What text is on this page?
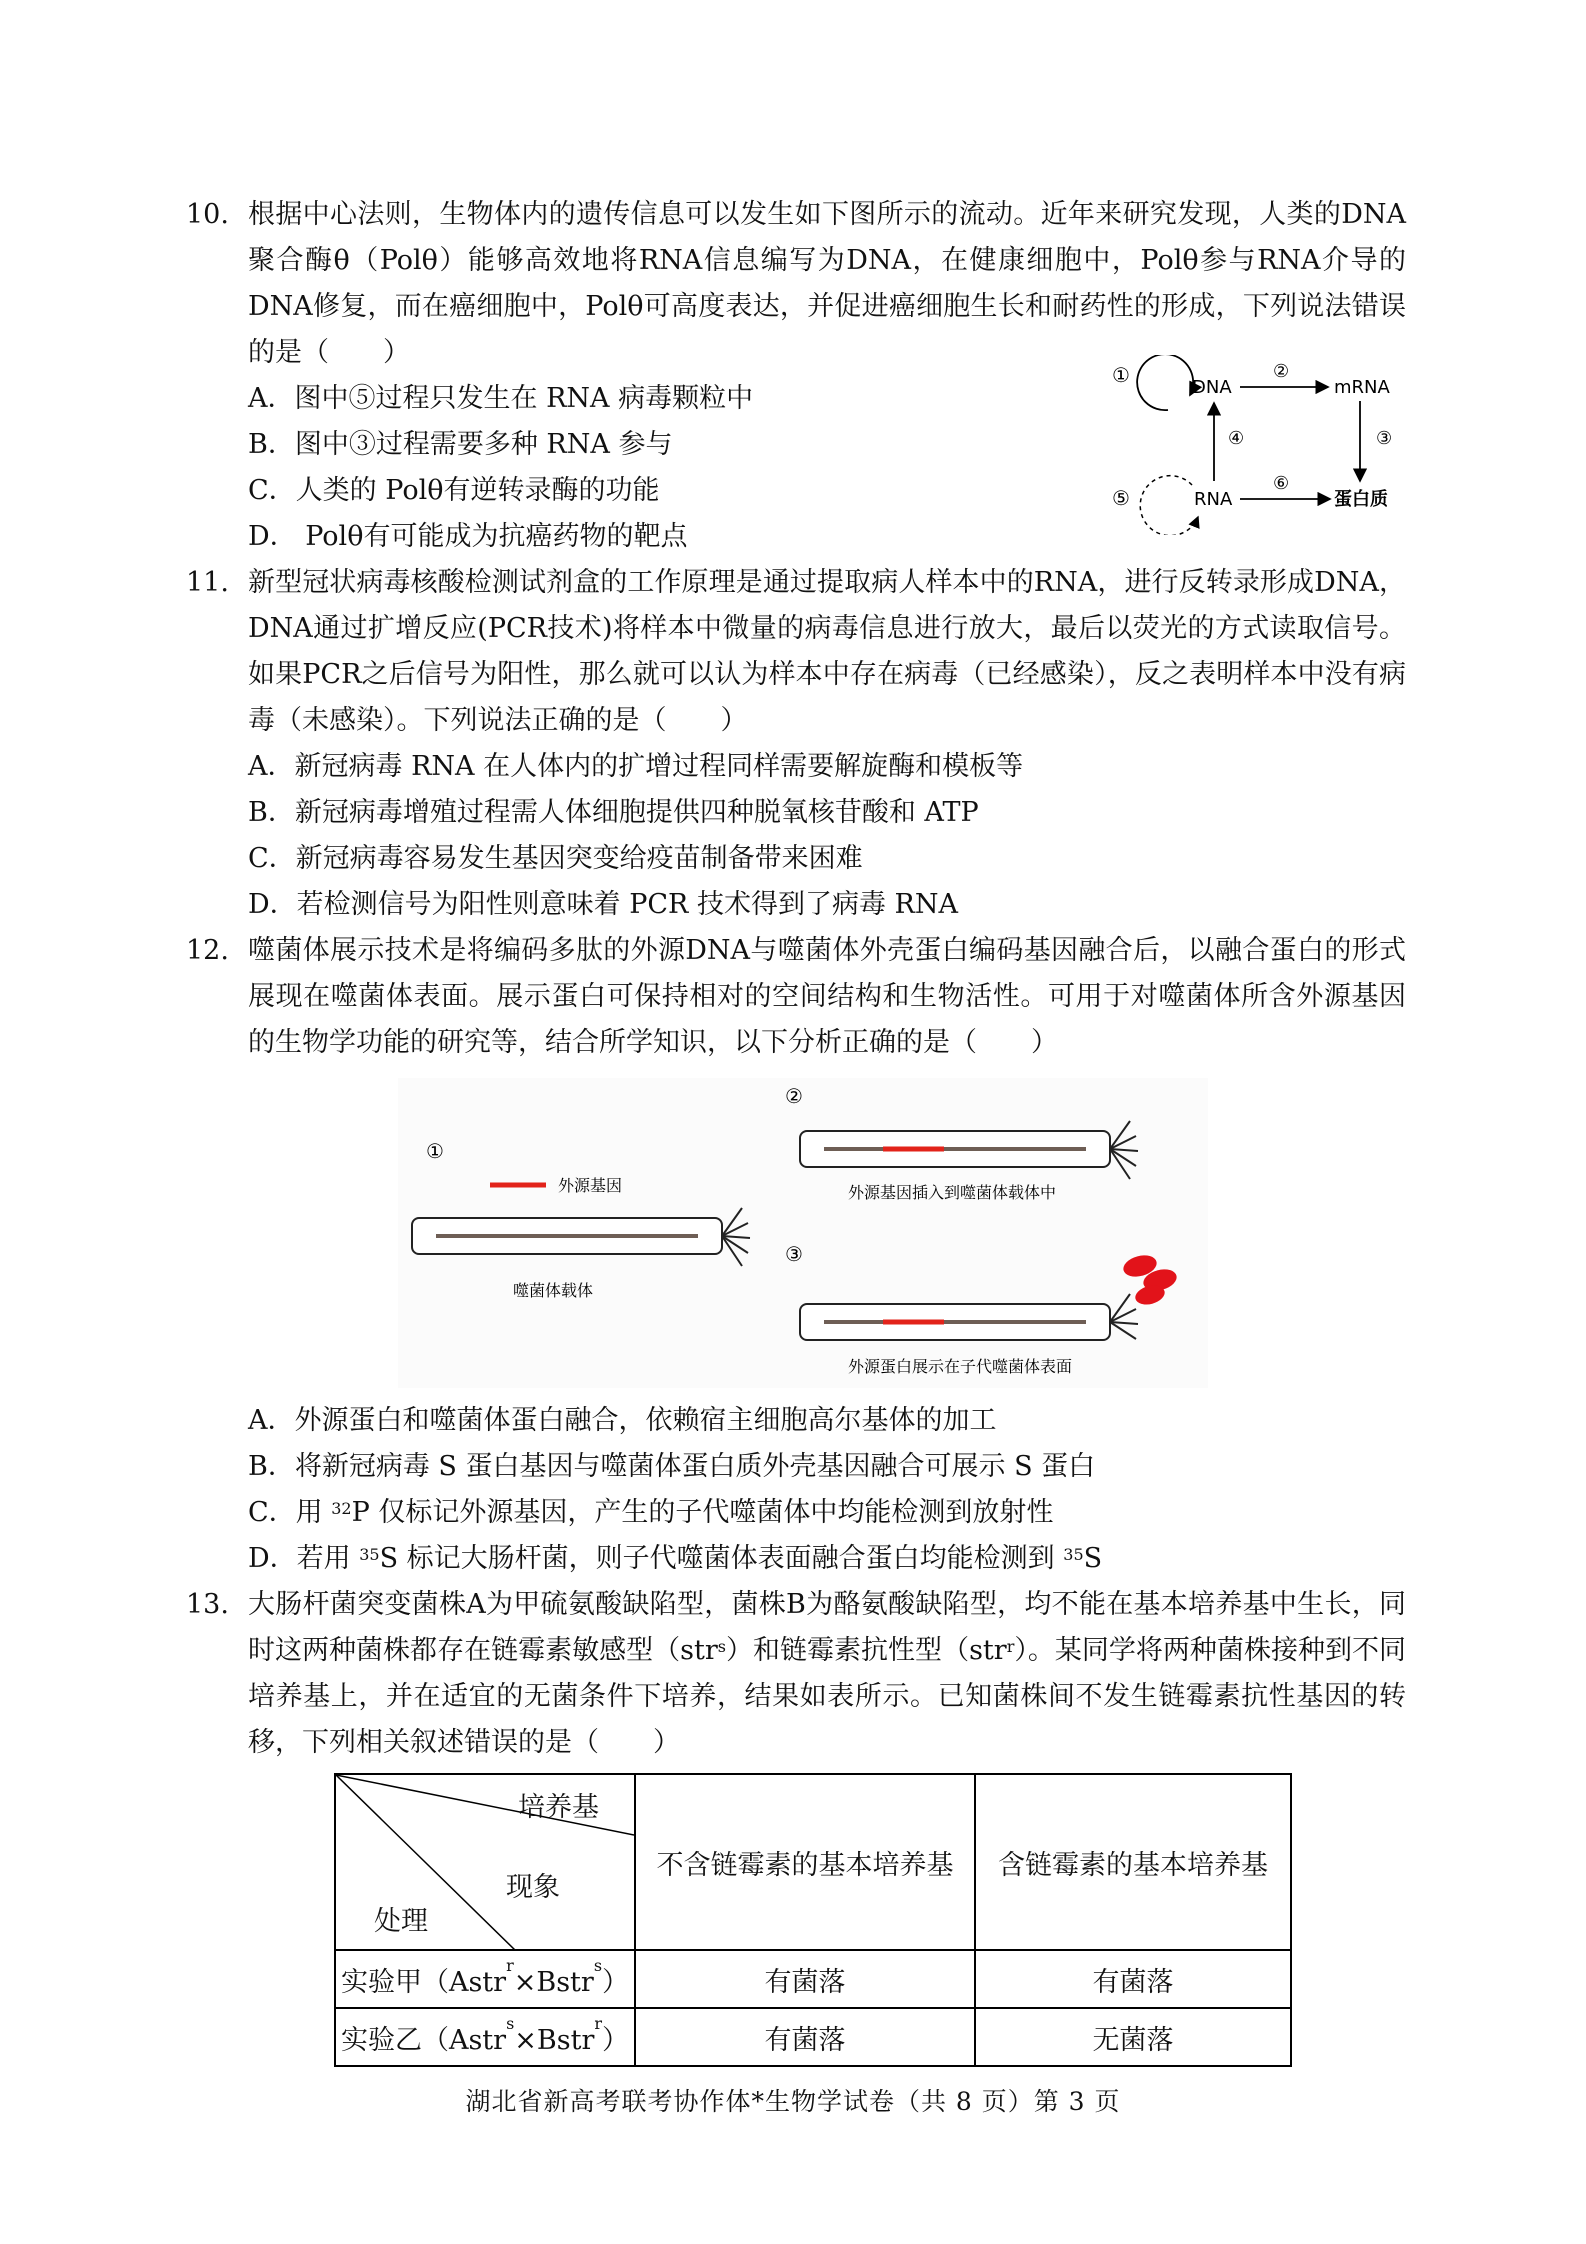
10. 根据中心法则，生物体内的遗传信息可以发生如下图所示的流动。近年来研究发现，人类的DNA聚合酶θ（Polθ）能够高效地将RNA信息编写为DNA，在健康细胞中，Polθ参与RNA介导的DNA修复，而在癌细胞中，Polθ可高度表达，并促进癌细胞生长和耐药性的形成，下列说法错误的是（　　）
A．图中⑤过程只发生在 RNA 病毒颗粒中
B．图中③过程需要多种 RNA 参与
C．人类的 Polθ有逆转录酶的功能
D． Polθ有可能成为抗癌药物的靶点
①
DNA
②
mRNA
③
④
⑤	RNA
⑥
蛋白质
11. 新型冠状病毒核酸检测试剂盒的工作原理是通过提取病人样本中的RNA，进行反转录形成DNA，DNA通过扩增反应(PCR技术)将样本中微量的病毒信息进行放大，最后以荧光的方式读取信号。如果PCR之后信号为阳性，那么就可以认为样本中存在病毒（已经感染），反之表明样本中没有病毒（未感染）。下列说法正确的是（　　）
A．新冠病毒 RNA 在人体内的扩增过程同样需要解旋酶和模板等
B．新冠病毒增殖过程需人体细胞提供四种脱氧核苷酸和 ATP
C．新冠病毒容易发生基因突变给疫苗制备带来困难
D．若检测信号为阳性则意味着 PCR 技术得到了病毒 RNA
12. 噬菌体展示技术是将编码多肽的外源DNA与噬菌体外壳蛋白编码基因融合后，以融合蛋白的形式展现在噬菌体表面。展示蛋白可保持相对的空间结构和生物活性。可用于对噬菌体所含外源基因的生物学功能的研究等，结合所学知识，以下分析正确的是（　　）
①
外源基因
噬菌体载体
②
外源基因插入到噬菌体载体中
③
外源蛋白展示在子代噬菌体表面
A．外源蛋白和噬菌体蛋白融合，依赖宿主细胞高尔基体的加工
B．将新冠病毒 S 蛋白基因与噬菌体蛋白质外壳基因融合可展示 S 蛋白
C．用 $^{32}$P 仅标记外源基因，产生的子代噬菌体中均能检测到放射性
D．若用 $^{35}$S 标记大肠杆菌，则子代噬菌体表面融合蛋白均能检测到 $^{35}$S
13. 大肠杆菌突变菌株A为甲硫氨酸缺陷型，菌株B为酪氨酸缺陷型，均不能在基本培养基中生长，同时这两种菌株都存在链霉素敏感型（str$^s$）和链霉素抗性型（str$^r$）。某同学将两种菌株接种到不同培养基上，并在适宜的无菌条件下培养，结果如表所示。已知菌株间不发生链霉素抗性基因的转移，下列相关叙述错误的是（　　）
培养基
现象
处理	不含链霉素的基本培养基	含链霉素的基本培养基
实验甲（Astr$^r$×Bstr$^s$）	有菌落	有菌落
实验乙（Astr$^s$×Bstr$^r$）	有菌落	无菌落
湖北省新高考联考协作体*生物学试卷（共 8 页）第 3 页
